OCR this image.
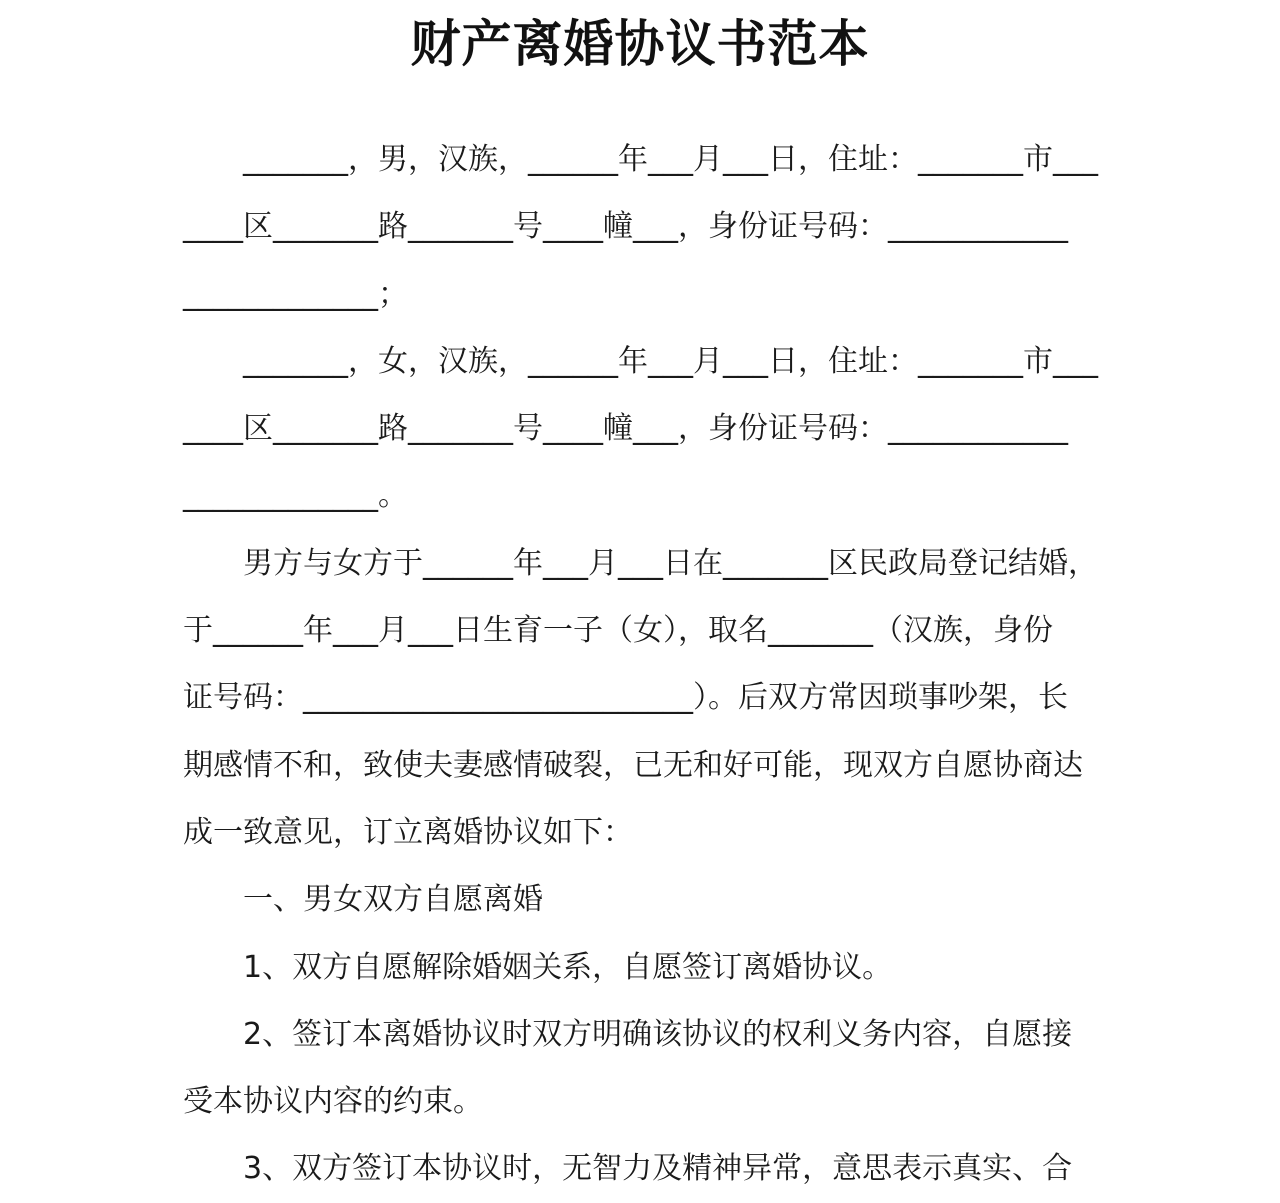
财产离婚协议书范本

_______，男，汉族，______年___月___日，住址：_______市___
____区_______路_______号____幢___，身份证号码：____________
_____________；

_______，女，汉族，______年___月___日，住址：_______市___
____区_______路_______号____幢___，身份证号码：____________
_____________。

男方与女方于______年___月___日在_______区民政局登记结婚，
于______年___月___日生育一子（女），取名_______（汉族，身份
证号码：__________________________）。后双方常因琐事吵架，长
期感情不和，致使夫妻感情破裂，已无和好可能，现双方自愿协商达
成一致意见，订立离婚协议如下：

一、男女双方自愿离婚

1、双方自愿解除婚姻关系，自愿签订离婚协议。

2、签订本离婚协议时双方明确该协议的权利义务内容，自愿接
受本协议内容的约束。

3、双方签订本协议时，无智力及精神异常，意思表示真实、合
